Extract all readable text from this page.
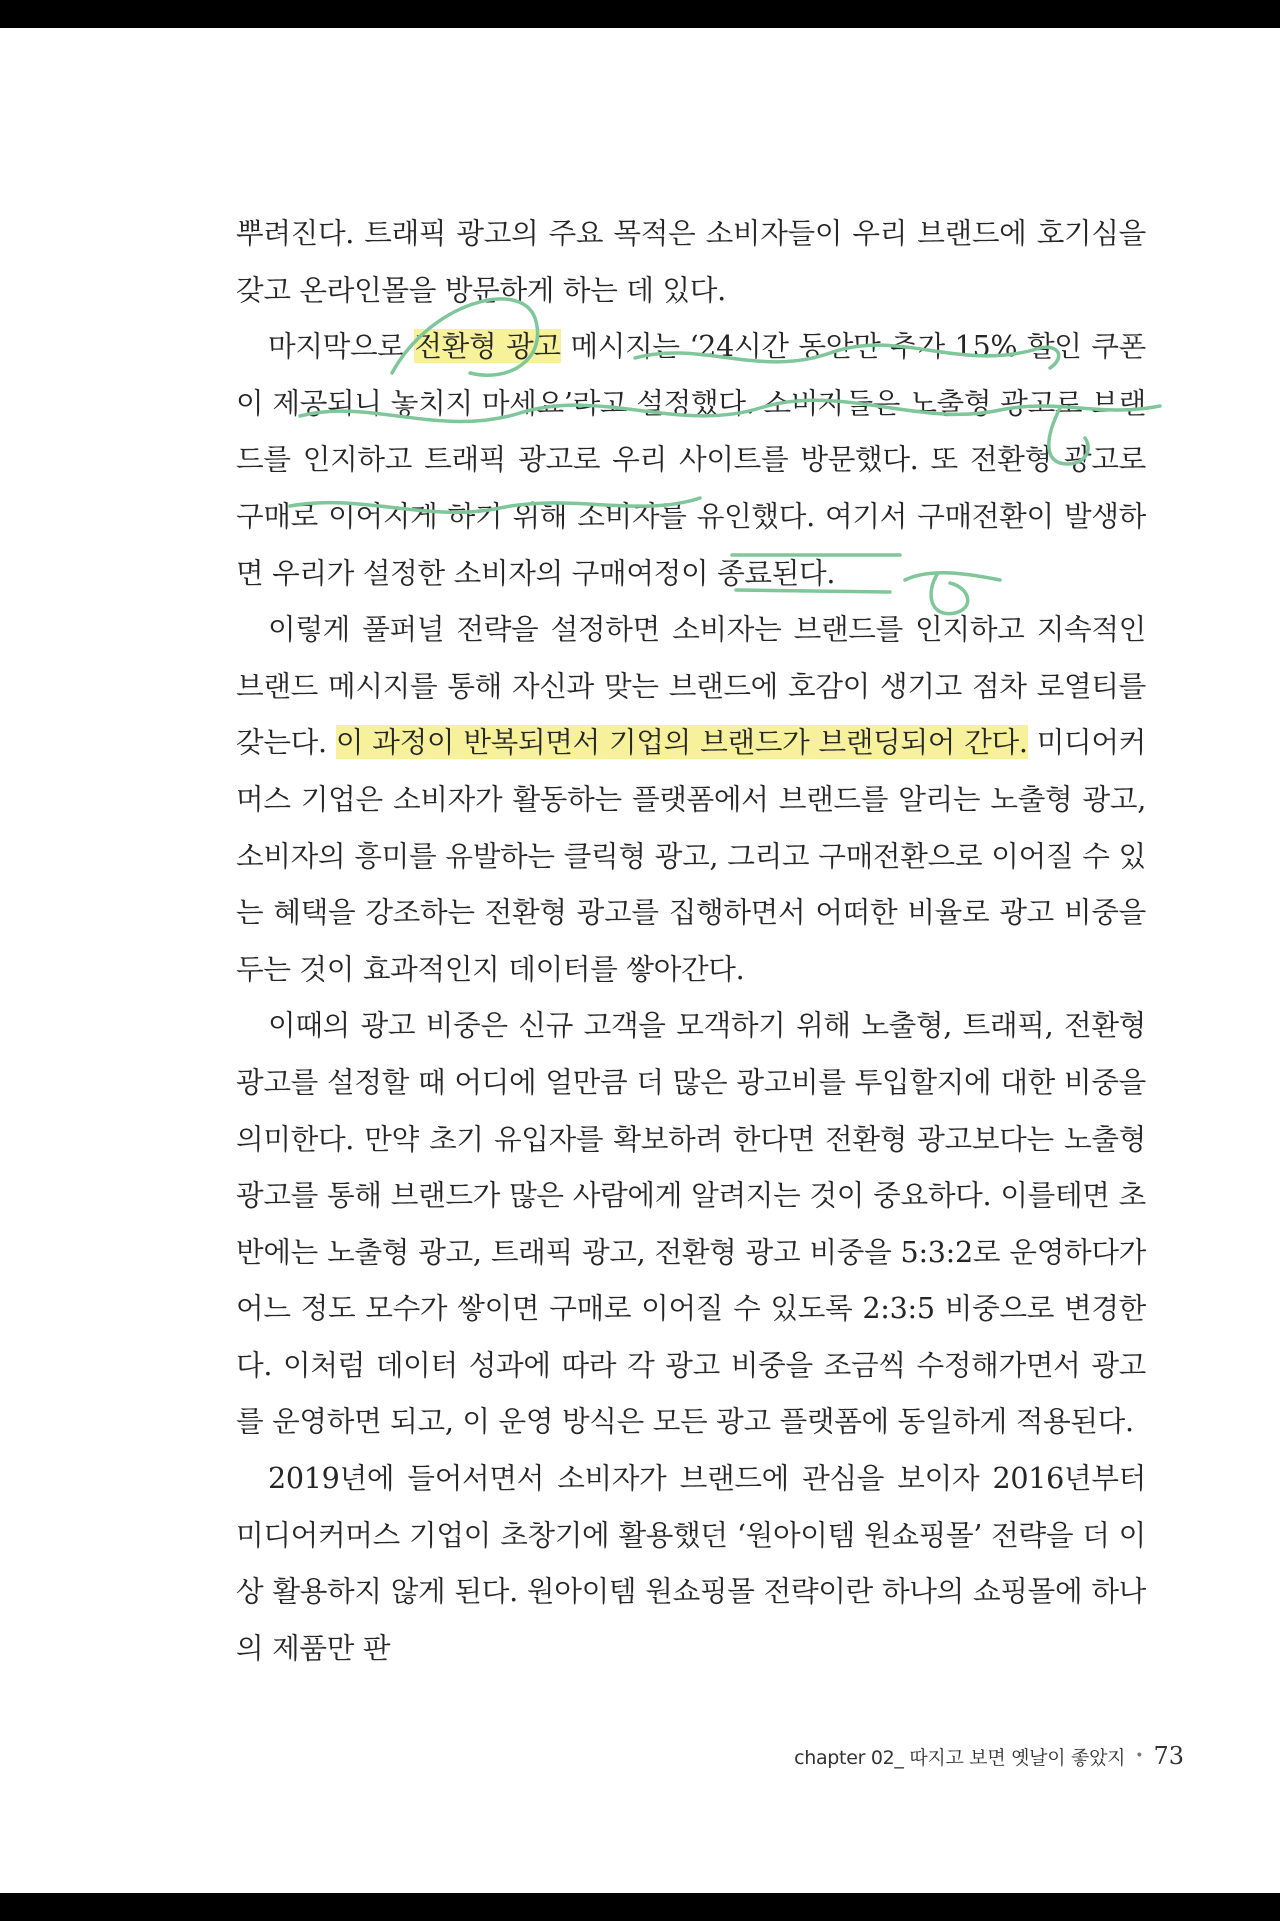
뿌려진다. 트래픽 광고의 주요 목적은 소비자들이 우리 브랜드에 호기심을 갖고 온라인몰을 방문하게 하는 데 있다.

마지막으로 전환형 광고 메시지는 ‘24시간 동안만 추가 15% 할인 쿠폰이 제공되니 놓치지 마세요’라고 설정했다. 소비자들은 노출형 광고로 브랜드를 인지하고 트래픽 광고로 우리 사이트를 방문했다. 또 전환형 광고로 구매로 이어지게 하기 위해 소비자를 유인했다. 여기서 구매전환이 발생하면 우리가 설정한 소비자의 구매여정이 종료된다.

이렇게 풀퍼널 전략을 설정하면 소비자는 브랜드를 인지하고 지속적인 브랜드 메시지를 통해 자신과 맞는 브랜드에 호감이 생기고 점차 로열티를 갖는다. 이 과정이 반복되면서 기업의 브랜드가 브랜딩되어 간다. 미디어커머스 기업은 소비자가 활동하는 플랫폼에서 브랜드를 알리는 노출형 광고, 소비자의 흥미를 유발하는 클릭형 광고, 그리고 구매전환으로 이어질 수 있는 혜택을 강조하는 전환형 광고를 집행하면서 어떠한 비율로 광고 비중을 두는 것이 효과적인지 데이터를 쌓아간다.

이때의 광고 비중은 신규 고객을 모객하기 위해 노출형, 트래픽, 전환형 광고를 설정할 때 어디에 얼만큼 더 많은 광고비를 투입할지에 대한 비중을 의미한다. 만약 초기 유입자를 확보하려 한다면 전환형 광고보다는 노출형 광고를 통해 브랜드가 많은 사람에게 알려지는 것이 중요하다. 이를테면 초반에는 노출형 광고, 트래픽 광고, 전환형 광고 비중을 5:3:2로 운영하다가 어느 정도 모수가 쌓이면 구매로 이어질 수 있도록 2:3:5 비중으로 변경한다. 이처럼 데이터 성과에 따라 각 광고 비중을 조금씩 수정해가면서 광고를 운영하면 되고, 이 운영 방식은 모든 광고 플랫폼에 동일하게 적용된다.

2019년에 들어서면서 소비자가 브랜드에 관심을 보이자 2016년부터 미디어커머스 기업이 초창기에 활용했던 ‘원아이템 원쇼핑몰’ 전략을 더 이상 활용하지 않게 된다. 원아이템 원쇼핑몰 전략이란 하나의 쇼핑몰에 하나의 제품만 판

chapter 02_ 따지고 보면 옛날이 좋았지 • 73
